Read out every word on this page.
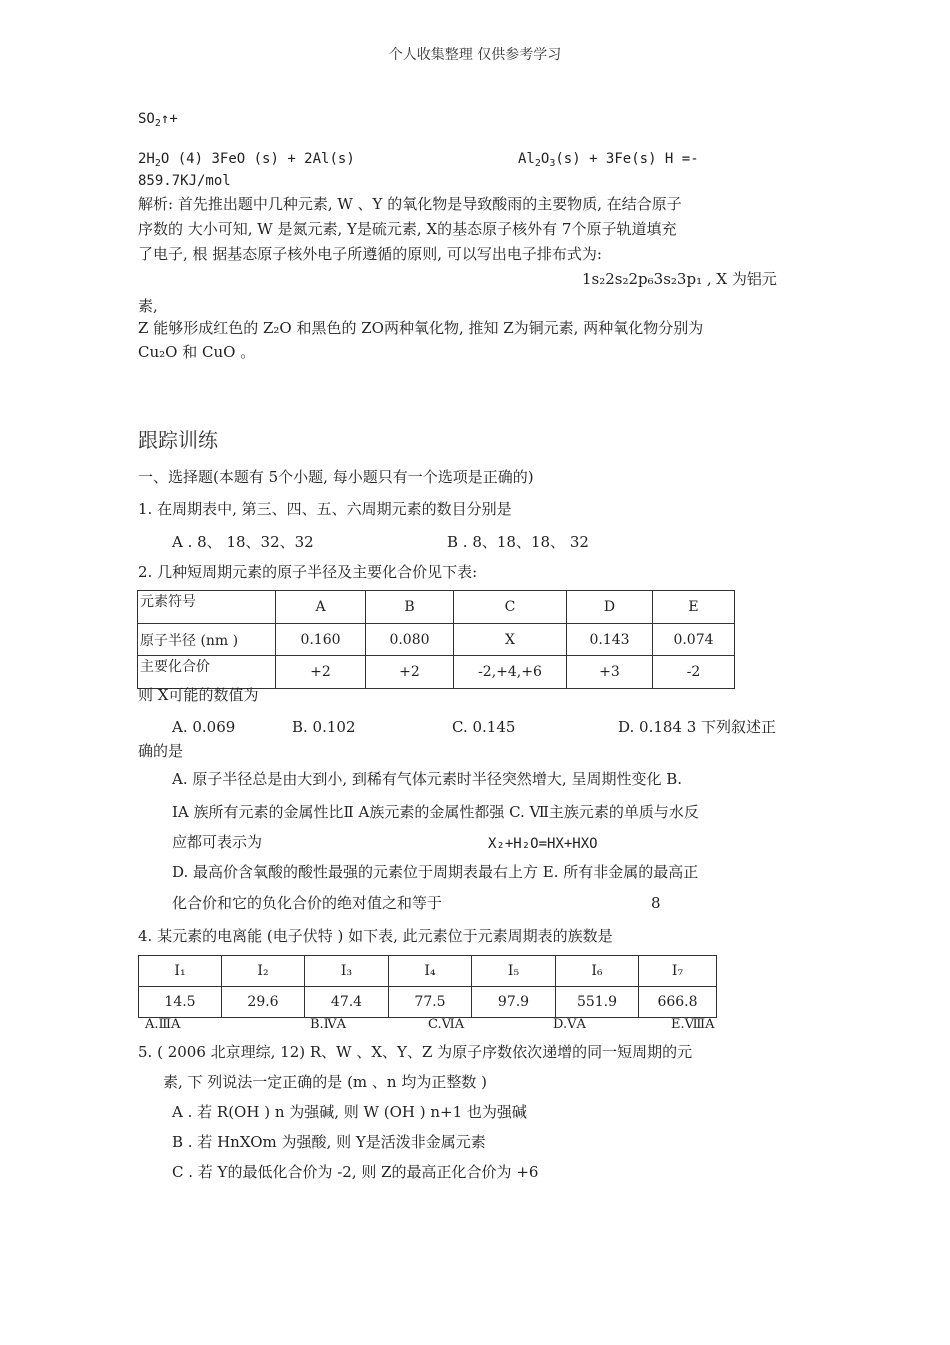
个人收集整理 仅供参考学习
$SO_2↑+$
$2H_2O$ (4) 3FeO (s) + 2Al(s)	$Al_2O_3(s) + 3Fe(s) H$ =-
859.7KJ/mol
解析: 首先推出题中几种元素, W 、Y 的氧化物是导致酸雨的主要物质, 在结合原子
序数的 大小可知, W 是氮元素, Y是硫元素, X的基态原子核外有 7个原子轨道填充
了电子, 根 据基态原子核外电子所遵循的原则, 可以写出电子排布式为:
1s₂2s₂2p₆3s₂3p₁ , X 为铝元
素,
Z 能够形成红色的 Z₂O 和黑色的 ZO两种氧化物, 推知 Z为铜元素, 两种氧化物分别为
Cu₂O 和 CuO 。
跟踪训练
一、选择题(本题有 5个小题, 每小题只有一个选项是正确的)
1. 在周期表中, 第三、四、五、六周期元素的数目分别是
A . 8、 18、32、32	B . 8、18、18、 32
2. 几种短周期元素的原子半径及主要化合价见下表:
元素符号	A	B	C	D	E
原子半径 (nm )	0.160	0.080	X	0.143	0.074
主要化合价	+2	+2	-2,+4,+6	+3	-2
则 X可能的数值为
A. 0.069	B. 0.102	C. 0.145	D. 0.184 3 下列叙述正
确的是
A. 原子半径总是由大到小, 到稀有气体元素时半径突然增大, 呈周期性变化 B.
ⅠA 族所有元素的金属性比Ⅱ A族元素的金属性都强 C. Ⅶ主族元素的单质与水反
应都可表示为	X₂+H₂O=HX+HXO
D. 最高价含氧酸的酸性最强的元素位于周期表最右上方 E. 所有非金属的最高正
化合价和它的负化合价的绝对值之和等于	8
4. 某元素的电离能 (电子伏特 ) 如下表, 此元素位于元素周期表的族数是
I₁	I₂	I₃	I₄	I₅	I₆	I₇
14.5	29.6	47.4	77.5	97.9	551.9	666.8
A.ⅢA	B.ⅣA	C.ⅥA	D.ⅤA	E.ⅧA
5. ( 2006 北京理综, 12) R、W 、X、Y、Z 为原子序数依次递增的同一短周期的元
素, 下 列说法一定正确的是 (m 、n 均为正整数 )
A . 若 R(OH ) n 为强碱, 则 W (OH ) n+1 也为强碱
B . 若 HnXOm 为强酸, 则 Y是活泼非金属元素
C . 若 Y的最低化合价为 -2, 则 Z的最高正化合价为 +6
